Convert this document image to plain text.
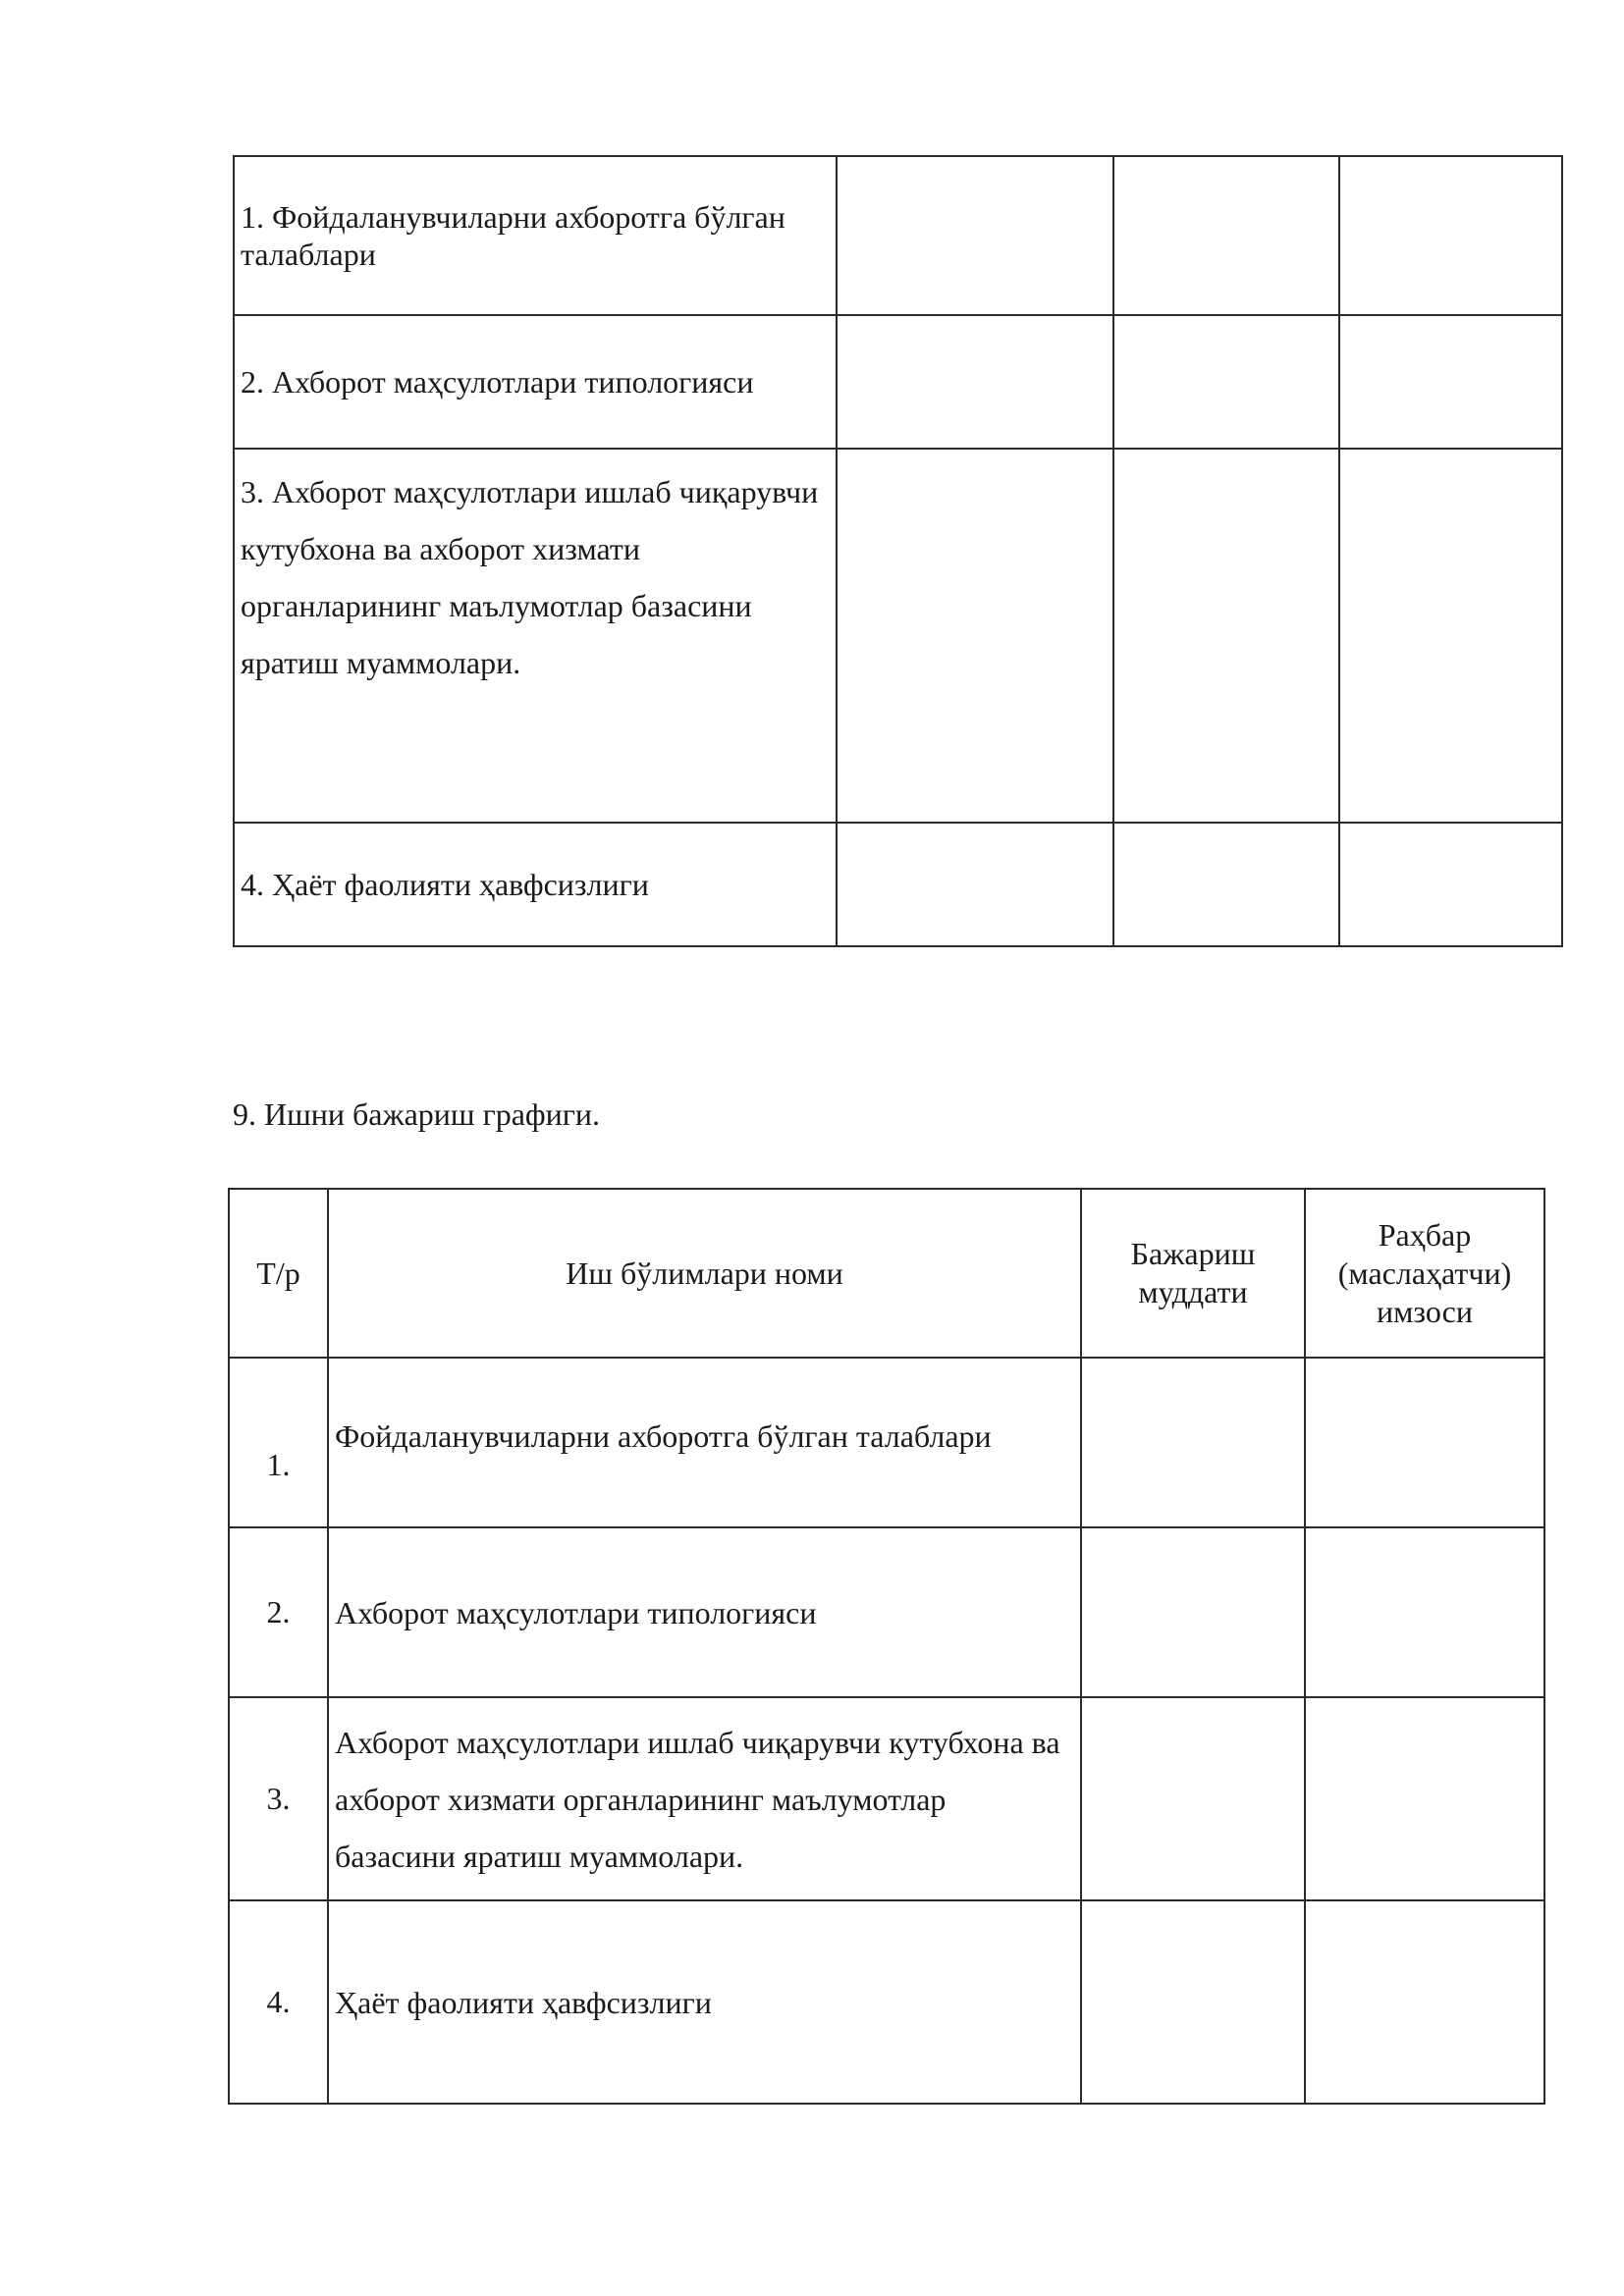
1. Фойдаланувчиларни ахборотга бўлган талаблари			
2. Ахборот маҳсулотлари типологияси			
3. Ахборот маҳсулотлари ишлаб чиқарувчи кутубхона ва ахборот хизмати органларининг маълумотлар базасини яратиш муаммолари.			
4. Ҳаёт фаолияти ҳавфсизлиги			
9. Ишни бажариш графиги.
Т/р	Иш бўлимлари номи	Бажариш муддати	Раҳбар (маслаҳатчи) имзоси
1.	Фойдаланувчиларни ахборотга бўлган талаблари		
2.	Ахборот маҳсулотлари типологияси		
3.	Ахборот маҳсулотлари ишлаб чиқарувчи кутубхона ва ахборот хизмати органларининг маълумотлар базасини яратиш муаммолари.		
4.	Ҳаёт фаолияти ҳавфсизлиги		
